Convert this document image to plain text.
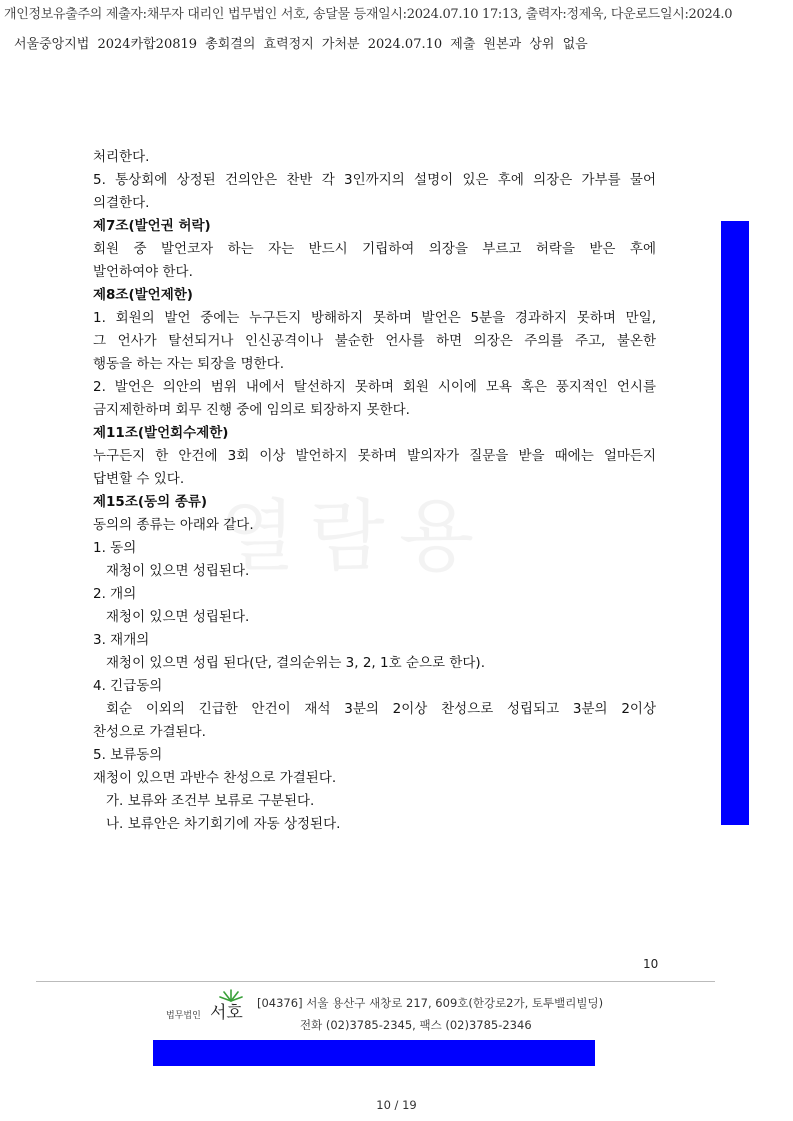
개인정보유출주의 제출자:채무자 대리인 법무법인 서호, 송달물 등재일시:2024.07.10 17:13, 출력자:정제욱, 다운로드일시:2024.0
서울중앙지법 2024카합20819 총회결의 효력정지 가처분 2024.07.10 제출 원본과 상위 없음

처리한다.

5. 통상회에 상정된 건의안은 찬반 각 3인까지의 설명이 있은 후에 의장은 가부를 물어

의결한다.

제7조(발언권 허락)

회원 중 발언코자 하는 자는 반드시 기립하여 의장을 부르고 허락을 받은 후에

발언하여야 한다.

제8조(발언제한)

1. 회원의 발언 중에는 누구든지 방해하지 못하며 발언은 5분을 경과하지 못하며 만일,

그 언사가 탈선되거나 인신공격이나 불순한 언사를 하면 의장은 주의를 주고, 불온한

행동을 하는 자는 퇴장을 명한다.

2. 발언은 의안의 범위 내에서 탈선하지 못하며 회원 시이에 모욕 혹은 풍지적인 언시를

금지제한하며 회무 진행 중에 임의로 퇴장하지 못한다.

제11조(발언회수제한)

누구든지 한 안건에 3회 이상 발언하지 못하며 발의자가 질문을 받을 때에는 얼마든지

답변할 수 있다.

제15조(동의 종류)

동의의 종류는 아래와 같다.

1. 동의

재청이 있으면 성립된다.

2. 개의

재청이 있으면 성립된다.

3. 재개의

재청이 있으면 성립 된다(단, 결의순위는 3, 2, 1호 순으로 한다).

4. 긴급동의

회순 이외의 긴급한 안건이 재석 3분의 2이상 찬성으로 성립되고 3분의 2이상

찬성으로 가결된다.

5. 보류동의

재청이 있으면 과반수 찬성으로 가결된다.

가. 보류와 조건부 보류로 구분된다.

나. 보류안은 차기회기에 자동 상정된다.

10
법무법인 서호 [04376] 서울 용산구 새창로 217, 609호(한강로2가, 토투밸리빌딩)
전화 (02)3785-2345, 팩스 (02)3785-2346
10 / 19
